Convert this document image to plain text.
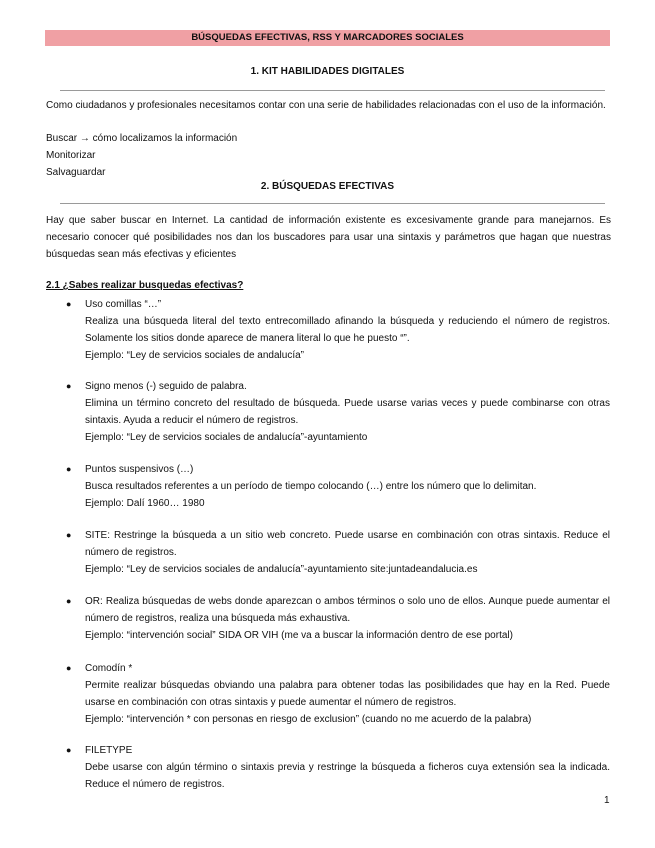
BÚSQUEDAS EFECTIVAS, RSS Y MARCADORES SOCIALES
1. KIT HABILIDADES DIGITALES
Como ciudadanos y profesionales necesitamos contar con una serie de habilidades relacionadas con el uso de la información.
Buscar → cómo localizamos la información
Monitorizar
Salvaguardar
2. BÚSQUEDAS EFECTIVAS
Hay que saber buscar en Internet. La cantidad de información existente es excesivamente grande para manejarnos. Es necesario conocer qué posibilidades nos dan los buscadores para usar una sintaxis y parámetros que hagan que nuestras búsquedas sean más efectivas y eficientes
2.1 ¿Sabes realizar busquedas efectivas?
● Uso comillas “…”
Realiza una búsqueda literal del texto entrecomillado afinando la búsqueda y reduciendo el número de registros. Solamente los sitios donde aparece de manera literal lo que he puesto “”.
Ejemplo: “Ley de servicios sociales de andalucía”
● Signo menos (-) seguido de palabra.
Elimina un término concreto del resultado de búsqueda. Puede usarse varias veces y puede combinarse con otras sintaxis. Ayuda a reducir el número de registros.
Ejemplo: “Ley de servicios sociales de andalucía”-ayuntamiento
● Puntos suspensivos (…)
Busca resultados referentes a un período de tiempo colocando (…) entre los número que lo delimitan.
Ejemplo: Dalí 1960… 1980
● SITE: Restringe la búsqueda a un sitio web concreto. Puede usarse en combinación con otras sintaxis. Reduce el número de registros.
Ejemplo: “Ley de servicios sociales de andalucía”-ayuntamiento site:juntadeandalucia.es
● OR: Realiza búsquedas de webs donde aparezcan o ambos términos o solo uno de ellos. Aunque puede aumentar el número de registros, realiza una búsqueda más exhaustiva.
Ejemplo: “intervención social” SIDA OR VIH (me va a buscar la información dentro de ese portal)
● Comodín *
Permite realizar búsquedas obviando una palabra para obtener todas las posibilidades que hay en la Red. Puede usarse en combinación con otras sintaxis y puede aumentar el número de registros.
Ejemplo: “intervención * con personas en riesgo de exclusion” (cuando no me acuerdo de la palabra)
● FILETYPE
Debe usarse con algún término o sintaxis previa y restringe la búsqueda a ficheros cuya extensión sea la indicada. Reduce el número de registros.
1
